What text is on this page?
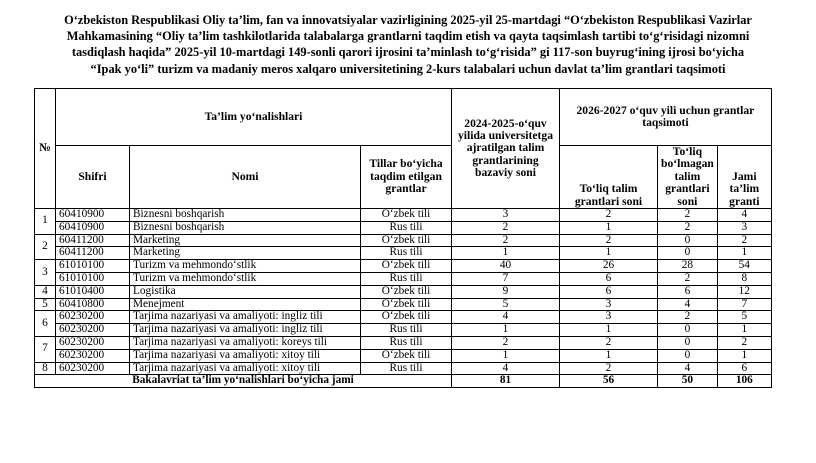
O‘zbekiston Respublikasi Oliy ta’lim, fan va innovatsiyalar vazirligining 2025-yil 25-martdagi “O‘zbekiston Respublikasi Vazirlar
Mahkamasining “Oliy ta’lim tashkilotlarida talabalarga grantlarni taqdim etish va qayta taqsimlash tartibi to‘g‘risidagi nizomni
tasdiqlash haqida” 2025-yil 10-martdagi 149-sonli qarori ijrosini ta’minlash to‘g‘risida” gi 117-son buyrug‘ining ijrosi bo‘yicha
“Ipak yo‘li” turizm va madaniy meros xalqaro universitetining 2-kurs talabalari uchun davlat ta’lim grantlari taqsimoti
№	Ta’lim yo‘nalishlari			2024-2025-o‘quv yilida universitetga ajratilgan talim grantlarining bazaviy soni	2026-2027 o‘quv yili uchun grantlar taqsimoti		
	Shifri	Nomi	Tillar bo‘yicha taqdim etilgan grantlar		To‘liq talim grantlari soni	To‘liq bo‘lmagan talim grantlari soni	Jami ta’lim granti
1	60410900	Biznesni boshqarish	O‘zbek tili	3	2	2	4
	60410900	Biznesni boshqarish	Rus tili	2	1	2	3
2	60411200	Marketing	O‘zbek tili	2	2	0	2
	60411200	Marketing	Rus tili	1	1	0	1
3	61010100	Turizm va mehmondo‘stlik	O‘zbek tili	40	26	28	54
	61010100	Turizm va mehmondo‘stlik	Rus tili	7	6	2	8
4	61010400	Logistika	O‘zbek tili	9	6	6	12
5	60410800	Menejment	O‘zbek tili	5	3	4	7
6	60230200	Tarjima nazariyasi va amaliyoti: ingliz tili	O‘zbek tili	4	3	2	5
	60230200	Tarjima nazariyasi va amaliyoti: ingliz tili	Rus tili	1	1	0	1
7	60230200	Tarjima nazariyasi va amaliyoti: koreys tili	Rus tili	2	2	0	2
	60230200	Tarjima nazariyasi va amaliyoti: xitoy tili	O‘zbek tili	1	1	0	1
8	60230200	Tarjima nazariyasi va amaliyoti: xitoy tili	Rus tili	4	2	4	6
Bakalavriat ta’lim yo‘nalishlari bo‘yicha jami				81	56	50	106
